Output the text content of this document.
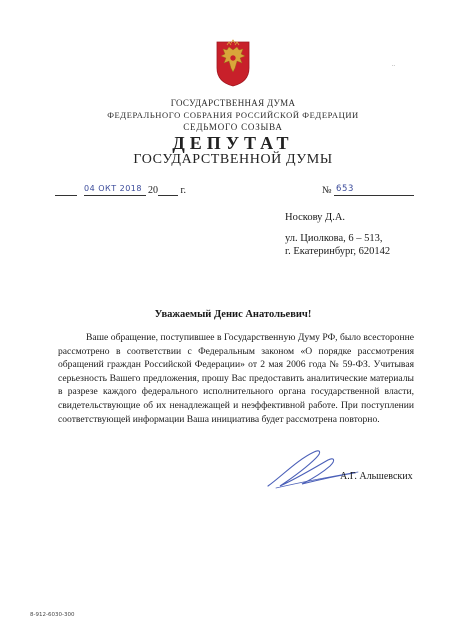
..
ГОСУДАРСТВЕННАЯ ДУМА
ФЕДЕРАЛЬНОГО СОБРАНИЯ РОССИЙСКОЙ ФЕДЕРАЦИИ
СЕДЬМОГО СОЗЫВА
ДЕПУТАТ
ГОСУДАРСТВЕННОЙ ДУМЫ
20 г.
04 ОКТ 2018	№ 653
Носкову Д.А.
ул. Циолкова, 6 – 513,
г. Екатеринбург, 620142
Уважаемый Денис Анатольевич!

Ваше обращение, поступившее в Государственную Думу РФ, было всесторонне рассмотрено в соответствии с Федеральным законом «О порядке рассмотрения обращений граждан Российской Федерации» от 2 мая 2006 года № 59-ФЗ. Учитывая серьезность Вашего предложения, прошу Вас предоставить аналитические материалы в разрезе каждого федерального исполнительного органа государственной власти, свидетельствующие об их ненадлежащей и неэффективной работе. При поступлении соответствующей информации Ваша инициатива будет рассмотрена повторно.

А.Г. Альшевских
8-912-6030-300
